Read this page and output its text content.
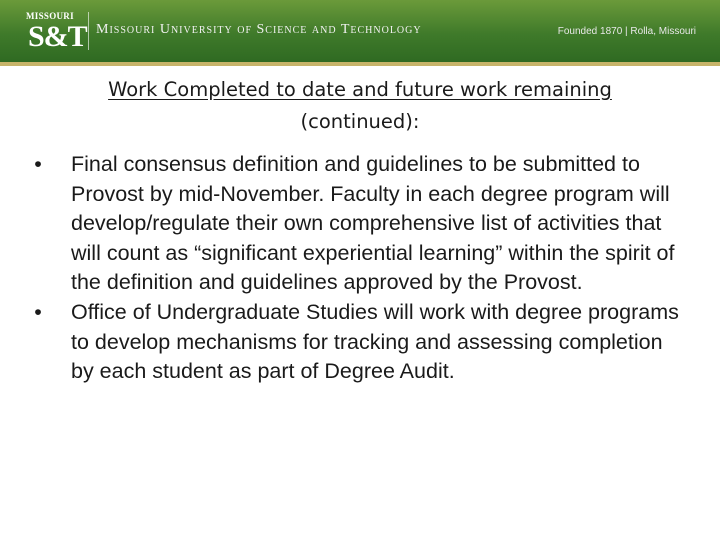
MISSOURI
S&T Missouri University of Science and Technology	Founded 1870 | Rolla, Missouri
Work Completed to date and future work remaining
(continued):
• Final consensus definition and guidelines to be submitted to Provost by mid-November. Faculty in each degree program will develop/regulate their own comprehensive list of activities that will count as “significant experiential learning” within the spirit of the definition and guidelines approved by the Provost.
• Office of Undergraduate Studies will work with degree programs to develop mechanisms for tracking and assessing completion by each student as part of Degree Audit.
